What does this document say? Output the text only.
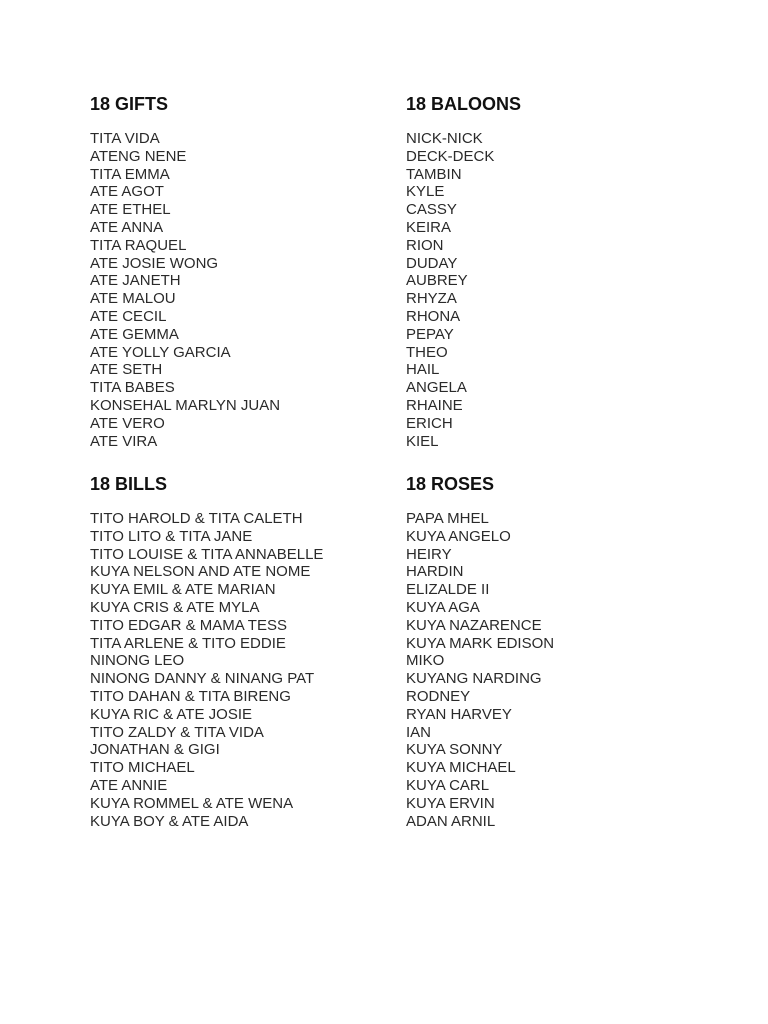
18 GIFTS
TITA VIDA
ATENG NENE
TITA EMMA
ATE AGOT
ATE ETHEL
ATE ANNA
TITA RAQUEL
ATE JOSIE WONG
ATE JANETH
ATE MALOU
ATE CECIL
ATE GEMMA
ATE YOLLY GARCIA
ATE SETH
TITA BABES
KONSEHAL MARLYN JUAN
ATE VERO
ATE VIRA
18 BALOONS
NICK-NICK
DECK-DECK
TAMBIN
KYLE
CASSY
KEIRA
RION
DUDAY
AUBREY
RHYZA
RHONA
PEPAY
THEO
HAIL
ANGELA
RHAINE
ERICH
KIEL
18 BILLS
TITO HAROLD & TITA CALETH
TITO LITO & TITA JANE
TITO LOUISE & TITA ANNABELLE
KUYA NELSON AND ATE NOME
KUYA EMIL & ATE MARIAN
KUYA CRIS & ATE MYLA
TITO EDGAR & MAMA TESS
TITA ARLENE & TITO EDDIE
NINONG LEO
NINONG DANNY & NINANG PAT
TITO DAHAN & TITA BIRENG
KUYA RIC & ATE JOSIE
TITO ZALDY & TITA VIDA
JONATHAN & GIGI
TITO MICHAEL
ATE ANNIE
KUYA ROMMEL & ATE WENA
KUYA BOY & ATE AIDA
18 ROSES
PAPA MHEL
KUYA ANGELO
HEIRY
HARDIN
ELIZALDE II
KUYA AGA
KUYA NAZARENCE
KUYA MARK EDISON
MIKO
KUYANG NARDING
RODNEY
RYAN HARVEY
IAN
KUYA SONNY
KUYA MICHAEL
KUYA CARL
KUYA ERVIN
ADAN ARNIL
